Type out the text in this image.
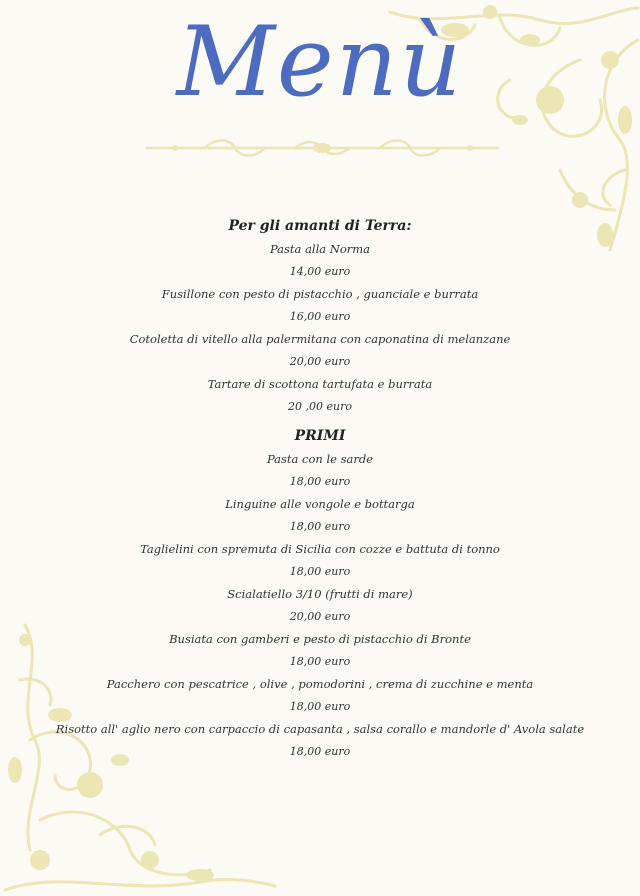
Menù
Per gli amanti di Terra:
Pasta alla Norma
14,00 euro
Fusillone con pesto di pistacchio , guanciale e burrata
16,00 euro
Cotoletta di vitello alla palermitana con caponatina di melanzane
20,00 euro
Tartare di scottona tartufata e burrata
20 ,00 euro
PRIMI
Pasta con le sarde
18,00 euro
Linguine alle vongole e bottarga
18,00 euro
Taglielini con spremuta di Sicilia con cozze e battuta di tonno
18,00 euro
Scialatiello 3/10 (frutti di mare)
20,00 euro
Busiata con gamberi e pesto di pistacchio di Bronte
18,00 euro
Pacchero con pescatrice , olive , pomodorini , crema di zucchine e menta
18,00 euro
Risotto all' aglio nero con carpaccio di capasanta , salsa corallo e mandorle d' Avola salate
18,00 euro
